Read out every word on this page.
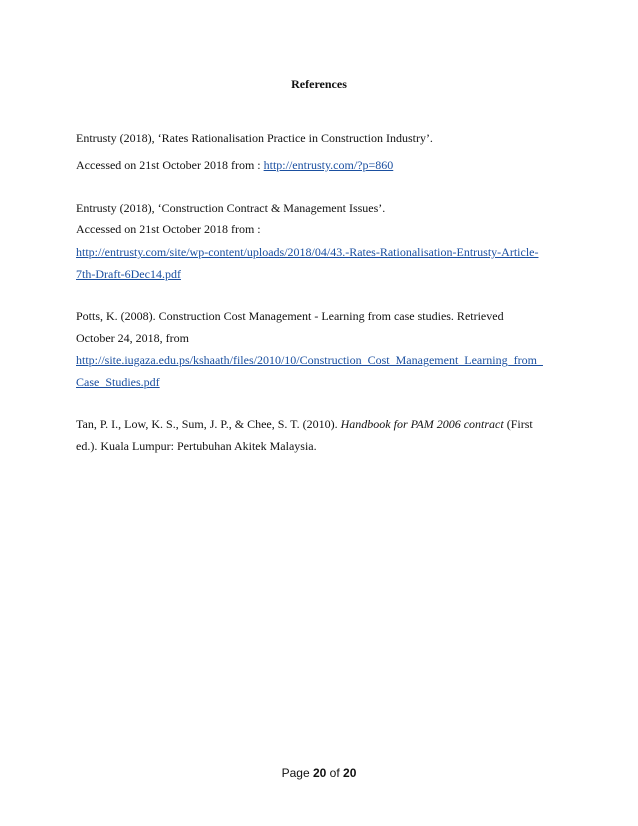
References
Entrusty (2018), ‘Rates Rationalisation Practice in Construction Industry’.
Accessed on 21st October 2018 from : http://entrusty.com/?p=860
Entrusty (2018), ‘Construction Contract & Management Issues’.
Accessed on 21st October 2018 from :
http://entrusty.com/site/wp-content/uploads/2018/04/43.-Rates-Rationalisation-Entrusty-Article-
7th-Draft-6Dec14.pdf
Potts, K. (2008). Construction Cost Management - Learning from case studies. Retrieved
October 24, 2018, from
http://site.iugaza.edu.ps/kshaath/files/2010/10/Construction_Cost_Management_Learning_from_
Case_Studies.pdf
Tan, P. I., Low, K. S., Sum, J. P., & Chee, S. T. (2010). Handbook for PAM 2006 contract (First
ed.). Kuala Lumpur: Pertubuhan Akitek Malaysia.
Page 20 of 20
